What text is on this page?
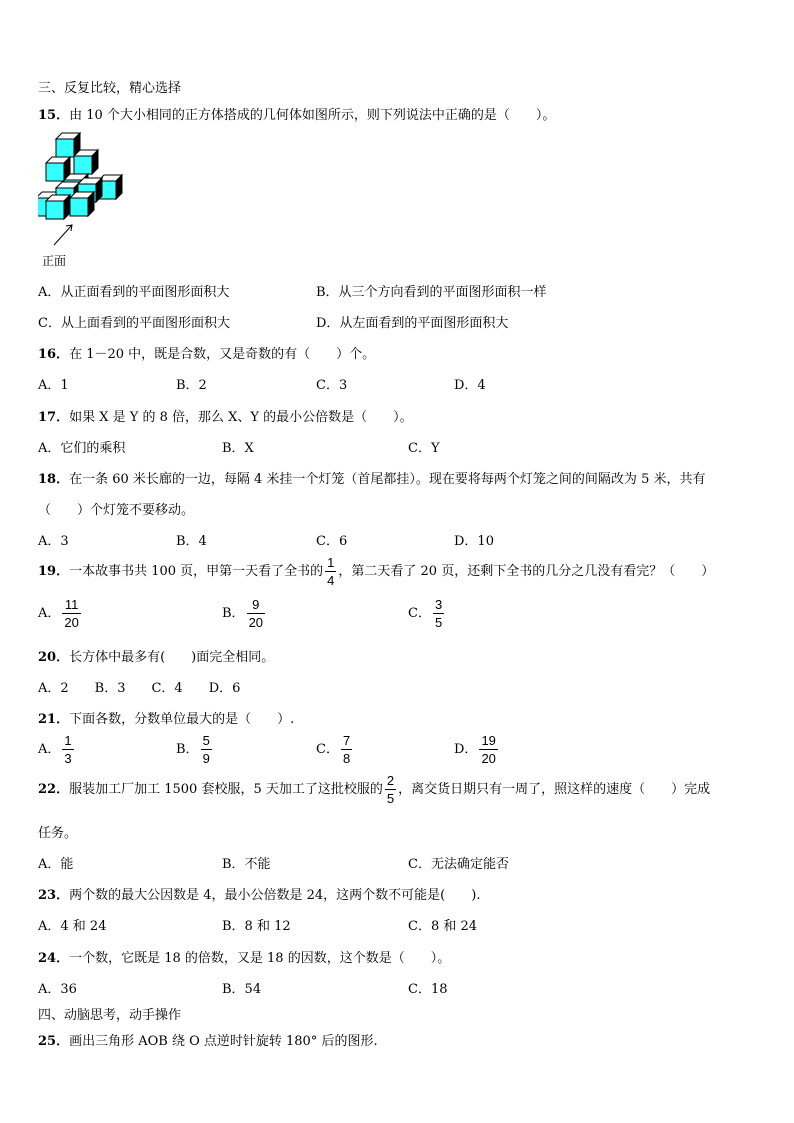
三、反复比较，精心选择
15．由 10 个大小相同的正方体搭成的几何体如图所示，则下列说法中正确的是（　　）。
正面
A．从正面看到的平面图形面积大	B．从三个方向看到的平面图形面积一样
C．从上面看到的平面图形面积大	D．从左面看到的平面图形面积大
16．在 1－20 中，既是合数，又是奇数的有（　　）个。
A．1	B．2	C．3	D．4
17．如果 X 是 Y 的 8 倍，那么 X、Y 的最小公倍数是（　　）。
A．它们的乘积	B．X	C．Y
18．在一条 60 米长廊的一边，每隔 4 米挂一个灯笼（首尾都挂）。现在要将每两个灯笼之间的间隔改为 5 米，共有
（　　）个灯笼不要移动。
A．3	B．4	C．6	D．10
19．一本故事书共 100 页，甲第一天看了全书的 $\frac{1}{4}$ ，第二天看了 20 页，还剩下全书的几分之几没有看完？（　　）
A． $\frac{11}{20}$	B． $\frac{9}{20}$	C． $\frac{3}{5}$
20．长方体中最多有(　　)面完全相同。
A．2　　B．3　　C．4　　D．6
21．下面各数，分数单位最大的是（　　）.
A． $\frac{1}{3}$	B． $\frac{5}{9}$	C． $\frac{7}{8}$	D． $\frac{19}{20}$
22．服装加工厂加工 1500 套校服，5 天加工了这批校服的 $\frac{2}{5}$ ，离交货日期只有一周了，照这样的速度（　　）完成
任务。
A．能	B．不能	C．无法确定能否
23．两个数的最大公因数是 4，最小公倍数是 24，这两个数不可能是(　　).
A．4 和 24	B．8 和 12	C．8 和 24
24．一个数，它既是 18 的倍数，又是 18 的因数，这个数是（　　）。
A．36	B．54	C．18
四、动脑思考，动手操作
25．画出三角形 AOB 绕 O 点逆时针旋转 180° 后的图形.
